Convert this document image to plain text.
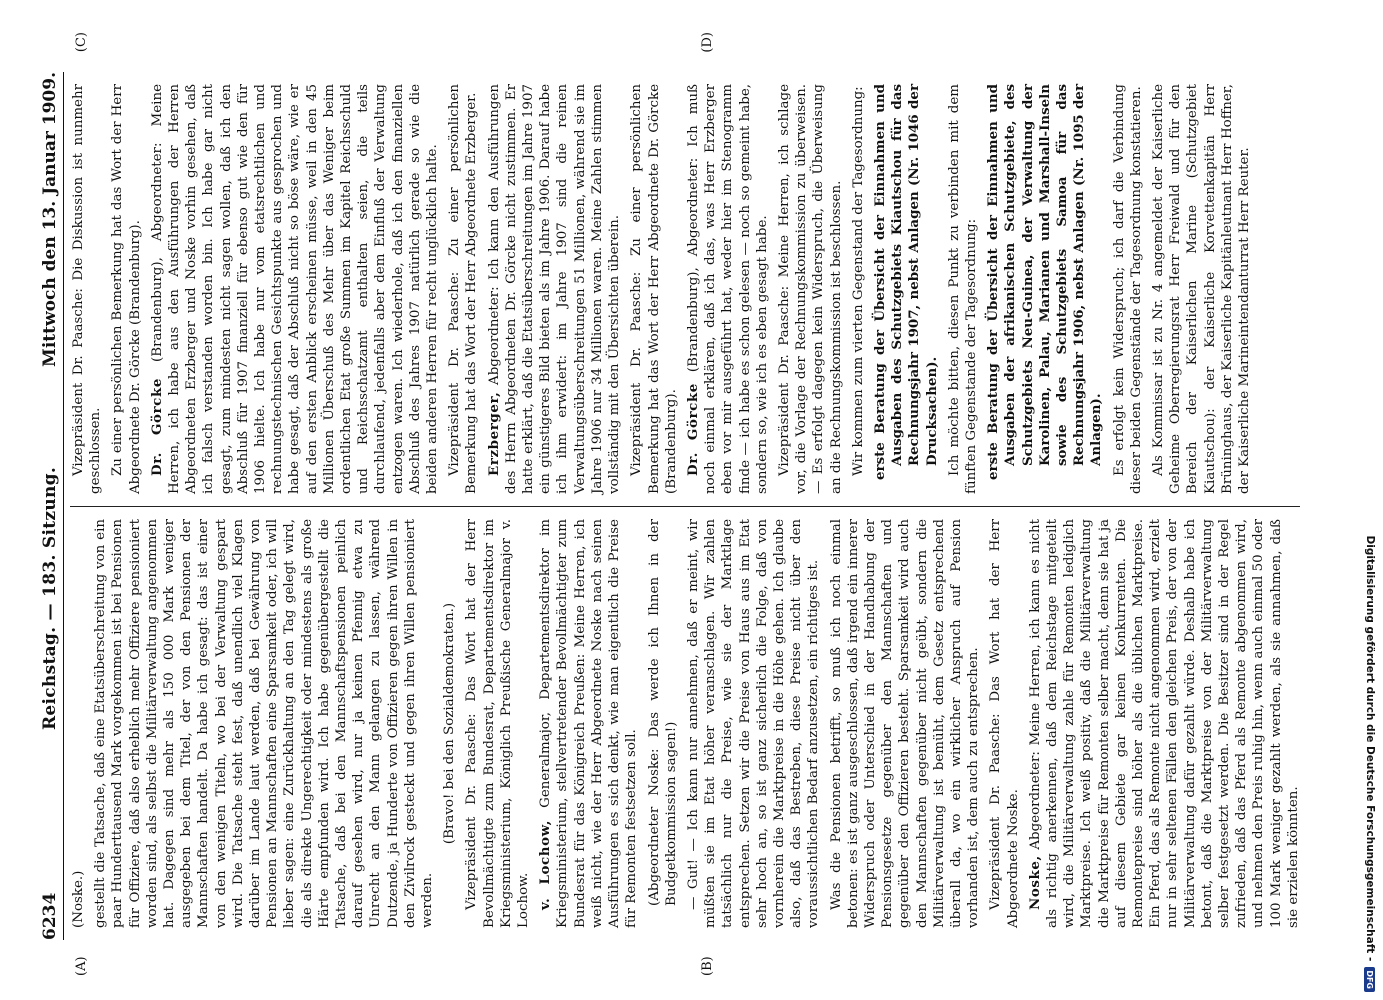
6234
Reichstag. — 183. Sitzung.
Mittwoch den 13. Januar 1909.
(A)	(B)
(C)	(D)

(Noske.) gestellt die Tatsache, daß eine Etatsüberschreitung von ein paar Hunderttausend Mark vorgekommen ist bei Pensionen für Offiziere, daß also erheblich mehr Offiziere pensioniert worden sind, als selbst die Militärverwaltung angenommen hat. Dagegen sind mehr als 150 000 Mark weniger ausgegeben bei dem Titel, der von den Pensionen der Mannschaften handelt. Da habe ich gesagt: das ist einer von den wenigen Titeln, wo bei der Verwaltung gespart wird. Die Tatsache steht fest, daß unendlich viel Klagen darüber im Lande laut werden, daß bei Gewährung von Pensionen an Mannschaften eine Sparsamkeit oder, ich will lieber sagen: eine Zurückhaltung an den Tag gelegt wird, die als direkte Ungerechtigkeit oder mindestens als große Härte empfunden wird. Ich habe gegenübergestellt die Tatsache, daß bei den Mannschaftspensionen peinlich darauf gesehen wird, nur ja keinen Pfennig etwa zu Unrecht an den Mann gelangen zu lassen, während Dutzende, ja Hunderte von Offizieren gegen ihren Willen in den Zivilrock gesteckt und gegen ihren Willen pensioniert werden.

(Bravo! bei den Sozialdemokraten.) Vizepräsident Dr. Paasche: Das Wort hat der Herr Bevollmächtigte zum Bundesrat, Departementsdirektor im Kriegsministerium, Königlich Preußische Generalmajor v. Lochow. v. Lochow, Generalmajor, Departementsdirektor im Kriegsministerium, stellvertretender Bevollmächtigter zum Bundesrat für das Königreich Preußen: Meine Herren, ich weiß nicht, wie der Herr Abgeordnete Noske nach seinen Ausführungen es sich denkt, wie man eigentlich die Preise für Remonten festsetzen soll. (Abgeordneter Noske: Das werde ich Ihnen in der Budgetkommission sagen!) — Gut! — Ich kann nur annehmen, daß er meint, wir müßten sie im Etat höher veranschlagen. Wir zahlen tatsächlich nur die Preise, wie sie der Marktlage entsprechen. Setzen wir die Preise von Haus aus im Etat sehr hoch an, so ist ganz sicherlich die Folge, daß von vornherein die Marktpreise in die Höhe gehen. Ich glaube also, daß das Bestreben, diese Preise nicht über den voraussichtlichen Bedarf anzusetzen, ein richtiges ist. Was die Pensionen betrifft, so muß ich noch einmal betonen: es ist ganz ausgeschlossen, daß irgend ein innerer Widerspruch oder Unterschied in der Handhabung der Pensionsgesetze gegenüber den Mannschaften und gegenüber den Offizieren besteht. Sparsamkeit wird auch den Mannschaften gegenüber nicht geübt, sondern die Militärverwaltung ist bemüht, dem Gesetz entsprechend überall da, wo ein wirklicher Anspruch auf Pension vorhanden ist, dem auch zu entsprechen. Vizepräsident Dr. Paasche: Das Wort hat der Herr Abgeordnete Noske. Noske, Abgeordneter: Meine Herren, ich kann es nicht als richtig anerkennen, daß dem Reichstage mitgeteilt wird, die Militärverwaltung zahle für Remonten lediglich Marktpreise. Ich weiß positiv, daß die Militärverwaltung die Marktpreise für Remonten selber macht, denn sie hat ja auf diesem Gebiete gar keinen Konkurrenten. Die Remontepreise sind höher als die üblichen Marktpreise. Ein Pferd, das als Remonte nicht angenommen wird, erzielt nur in sehr seltenen Fällen den gleichen Preis, der von der Militärverwaltung dafür gezahlt würde. Deshalb habe ich betont, daß die Marktpreise von der Militärverwaltung selber festgesetzt werden. Die Besitzer sind in der Regel zufrieden, daß das Pferd als Remonte abgenommen wird, und nehmen den Preis ruhig hin, wenn auch einmal 50 oder 100 Mark weniger gezahlt werden, als sie annahmen, daß sie erzielen könnten.

Vizepräsident Dr. Paasche: Die Diskussion ist nunmehr geschlossen. Zu einer persönlichen Bemerkung hat das Wort der Herr Abgeordnete Dr. Görcke (Brandenburg). Dr. Görcke (Brandenburg), Abgeordneter: Meine Herren, ich habe aus den Ausführungen der Herren Abgeordneten Erzberger und Noske vorhin gesehen, daß ich falsch verstanden worden bin. Ich habe gar nicht gesagt, zum mindesten nicht sagen wollen, daß ich den Abschluß für 1907 finanziell für ebenso gut wie den für 1906 hielte. Ich habe nur vom etatsrechtlichen und rechnungstechnischen Gesichtspunkte aus gesprochen und habe gesagt, daß der Abschluß nicht so böse wäre, wie er auf den ersten Anblick erscheinen müsse, weil in den 45 Millionen Überschuß des Mehr über das Weniger beim ordentlichen Etat große Summen im Kapitel Reichsschuld und Reichsschatzamt enthalten seien, die teils durchlaufend, jedenfalls aber dem Einfluß der Verwaltung entzogen waren. Ich wiederhole, daß ich den finanziellen Abschluß des Jahres 1907 natürlich gerade so wie die beiden anderen Herren für recht unglücklich halte. Vizepräsident Dr. Paasche: Zu einer persönlichen Bemerkung hat das Wort der Herr Abgeordnete Erzberger. Erzberger, Abgeordneter: Ich kann den Ausführungen des Herrn Abgeordneten Dr. Görcke nicht zustimmen. Er hatte erklärt, daß die Etatsüberschreitungen im Jahre 1907 ein günstigeres Bild bieten als im Jahre 1906. Darauf habe ich ihm erwidert: im Jahre 1907 sind die reinen Verwaltungsüberschreitungen 51 Millionen, während sie im Jahre 1906 nur 34 Millionen waren. Meine Zahlen stimmen vollständig mit den Übersichten überein. Vizepräsident Dr. Paasche: Zu einer persönlichen Bemerkung hat das Wort der Herr Abgeordnete Dr. Görcke (Brandenburg). Dr. Görcke (Brandenburg), Abgeordneter: Ich muß noch einmal erklären, daß ich das, was Herr Erzberger eben vor mir ausgeführt hat, weder hier im Stenogramm finde — ich habe es schon gelesen — noch so gemeint habe, sondern so, wie ich es eben gesagt habe. Vizepräsident Dr. Paasche: Meine Herren, ich schlage vor, die Vorlage der Rechnungskommission zu überweisen. — Es erfolgt dagegen kein Widerspruch, die Überweisung an die Rechnungskommission ist beschlossen. Wir kommen zum vierten Gegenstand der Tagesordnung: erste Beratung der Übersicht der Einnahmen und Ausgaben des Schutzgebiets Kiautschou für das Rechnungsjahr 1907, nebst Anlagen (Nr. 1046 der Drucksachen). Ich möchte bitten, diesen Punkt zu verbinden mit dem fünften Gegenstande der Tagesordnung: erste Beratung der Übersicht der Einnahmen und Ausgaben der afrikanischen Schutzgebiete, des Schutzgebiets Neu-Guinea, der Verwaltung der Karolinen, Palau, Marianen und Marshall-Inseln sowie des Schutzgebiets Samoa für das Rechnungsjahr 1906, nebst Anlagen (Nr. 1095 der Anlagen). Es erfolgt kein Widerspruch; ich darf die Verbindung dieser beiden Gegenstände der Tagesordnung konstatieren. Als Kommissar ist zu Nr. 4 angemeldet der Kaiserliche Geheime Oberregierungsrat Herr Freiwald und für den Bereich der Kaiserlichen Marine (Schutzgebiet Kiautschou): der Kaiserliche Korvettenkapitän Herr Brüninghaus, der Kaiserliche Kapitänleutnant Herr Hoffner, der Kaiserliche Marineintendanturrat Herr Reuter.

Digitalisierung gefördert durch die Deutsche Forschungsgemeinschaft -
DFG
